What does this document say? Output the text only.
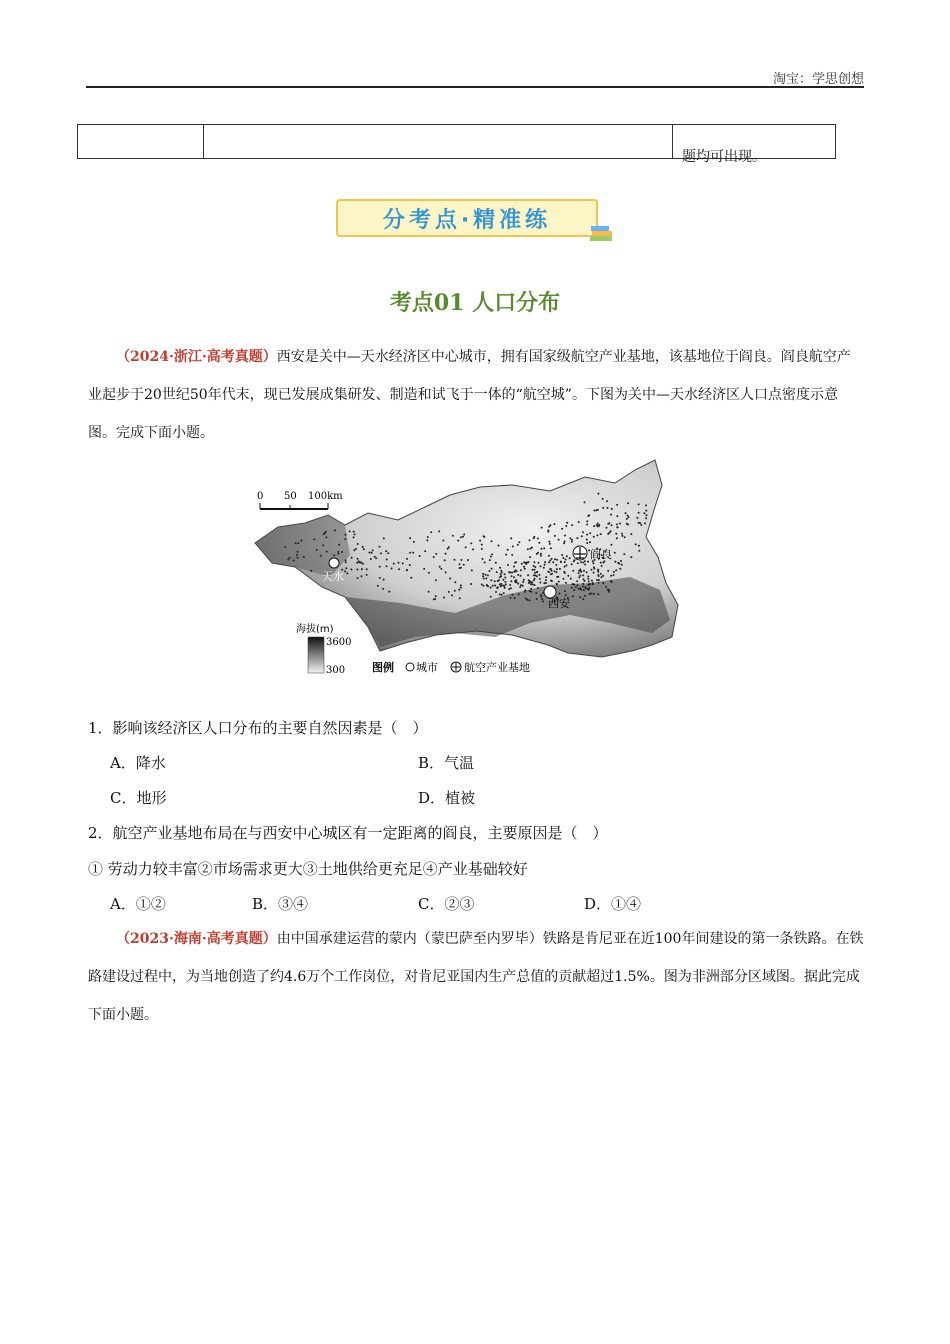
淘宝：学思创想

题均可出现。
分考点·精准练
考点01 人口分布

（2024·浙江·高考真题）西安是关中—天水经济区中心城市，拥有国家级航空产业基地，该基地位于阎良。阎良航空产业起步于20世纪50年代末，现已发展成集研发、制造和试飞于一体的“航空城”。下图为关中—天水经济区人口点密度示意图。完成下面小题。

0 50 100km
天水
西安
阎良
海拔(m)
3600
300 图例 城市 航空产业基地
1．影响该经济区人口分布的主要自然因素是（　）
A．降水	B．气温
C．地形	D．植被
2．航空产业基地布局在与西安中心城区有一定距离的阎良，主要原因是（　）
① 劳动力较丰富②市场需求更大③土地供给更充足④产业基础较好
A．①②	B．③④	C．②③	D．①④

（2023·海南·高考真题）由中国承建运营的蒙内（蒙巴萨至内罗毕）铁路是肯尼亚在近100年间建设的第一条铁路。在铁路建设过程中，为当地创造了约4.6万个工作岗位，对肯尼亚国内生产总值的贡献超过1.5%。图为非洲部分区域图。据此完成下面小题。
